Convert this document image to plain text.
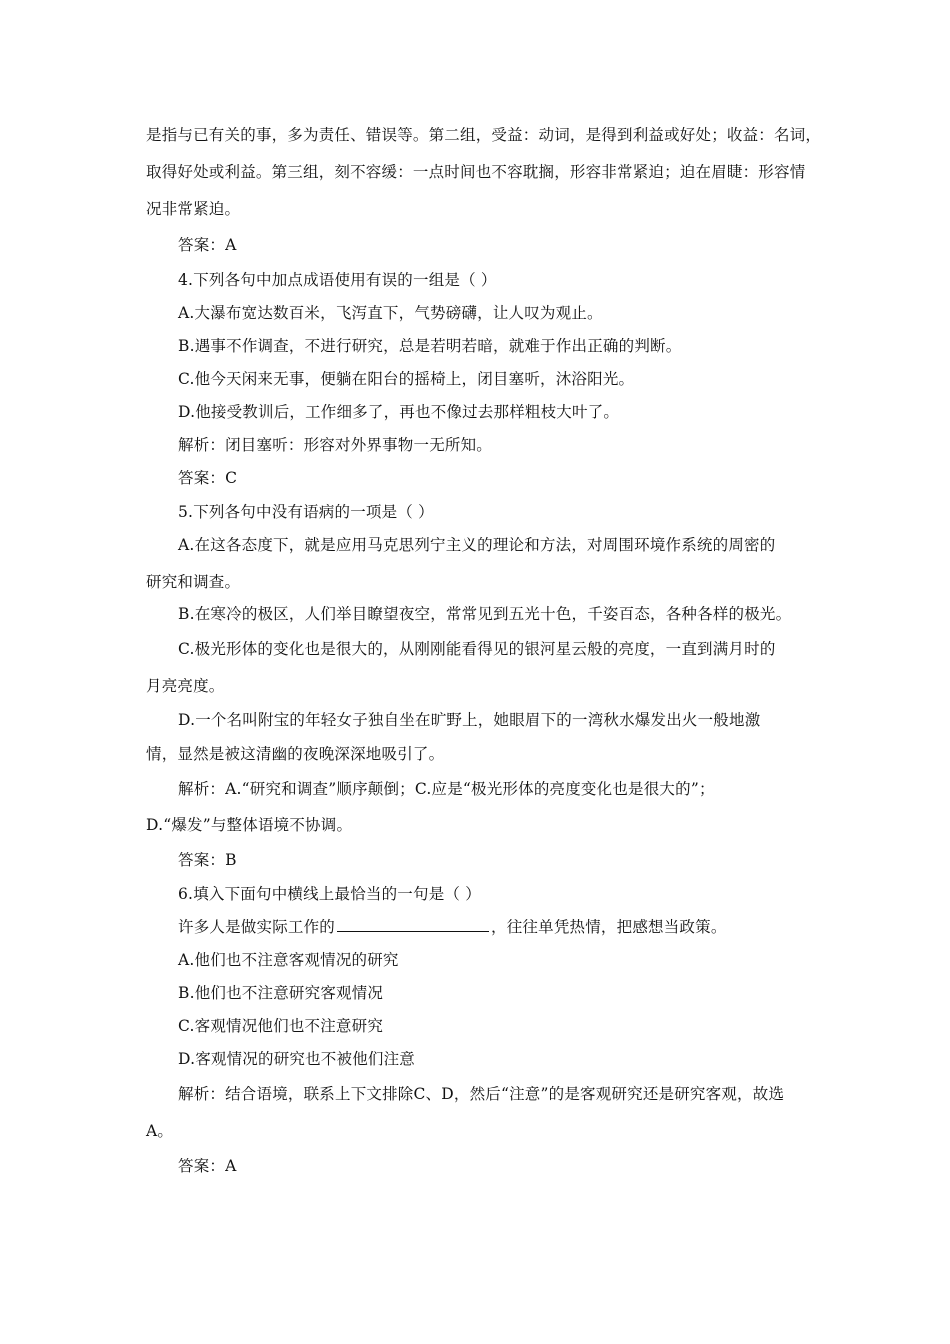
是指与已有关的事，多为责任、错误等。第二组，受益：动词，是得到利益或好处；收益：名词，
取得好处或利益。第三组，刻不容缓：一点时间也不容耽搁，形容非常紧迫；迫在眉睫：形容情
况非常紧迫。
答案：A
4.下列各句中加点成语使用有误的一组是（ ）
A.大瀑布宽达数百米，飞泻直下，气势磅礴，让人叹为观止。
B.遇事不作调查，不进行研究，总是若明若暗，就难于作出正确的判断。
C.他今天闲来无事，便躺在阳台的摇椅上，闭目塞听，沐浴阳光。
D.他接受教训后，工作细多了，再也不像过去那样粗枝大叶了。
解析：闭目塞听：形容对外界事物一无所知。
答案：C
5.下列各句中没有语病的一项是（ ）
A.在这各态度下，就是应用马克思列宁主义的理论和方法，对周围环境作系统的周密的
研究和调查。
B.在寒冷的极区，人们举目瞭望夜空，常常见到五光十色，千姿百态，各种各样的极光。
C.极光形体的变化也是很大的，从刚刚能看得见的银河星云般的亮度，一直到满月时的
月亮亮度。
D.一个名叫附宝的年轻女子独自坐在旷野上，她眼眉下的一湾秋水爆发出火一般地激
情，显然是被这清幽的夜晚深深地吸引了。
解析：A.“研究和调查”顺序颠倒；C.应是“极光形体的亮度变化也是很大的”；
D.“爆发”与整体语境不协调。
答案：B
6.填入下面句中横线上最恰当的一句是（ ）
许多人是做实际工作的	，往往单凭热情，把感想当政策。
A.他们也不注意客观情况的研究
B.他们也不注意研究客观情况
C.客观情况他们也不注意研究
D.客观情况的研究也不被他们注意
解析：结合语境，联系上下文排除C、D，然后“注意”的是客观研究还是研究客观，故选
A。
答案：A
